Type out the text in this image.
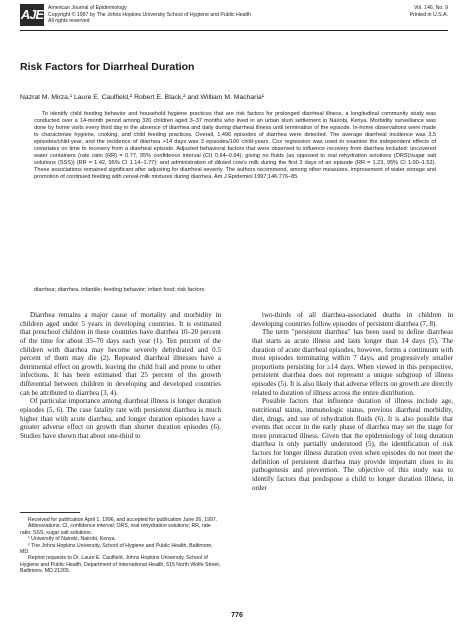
AJE American Journal of Epidemiology
Copyright © 1997 by The Johns Hopkins University School of Hygiene and Public Health
All rights reserved
Vol. 146, No. 9
Printed in U.S.A.
Risk Factors for Diarrheal Duration
Nazrat M. Mirza,¹ Laure E. Caulfield,² Robert E. Black,² and William M. Macharia¹

To identify child feeding behavior and household hygiene practices that are risk factors for prolonged diarrheal illness, a longitudinal community study was conducted over a 14-month period among 320 children aged 3–37 months who lived in an urban slum settlement in Nairobi, Kenya. Morbidity surveillance was done by home visits every third day in the absence of diarrhea and daily during diarrheal illness until termination of the episode. In-home observations were made to characterize hygiene, cooking, and child feeding practices. Overall, 1,496 episodes of diarrhea were detected. The average diarrheal incidence was 3.5 episodes/child-year, and the incidence of diarrhea >14 days was 3 episodes/100 child-years. Cox regression was used to examine the independent effects of covariates on time to recovery from a diarrheal episode. Adjusted behavioral factors that were observed to influence recovery from diarrhea included: uncovered water containers (rate ratio (RR) = 0.77, 95% confidence interval (CI) 0.64–0.94); giving no fluids (as opposed to oral rehydration solutions (ORS)/sugar salt solutions (SSS)) (RR = 1.42, 95% CI 1.14–1.77); and administration of diluted cow's milk during the first 3 days of an episode (RR = 1.23, 95% CI 1.00–1.52). These associations remained significant after adjusting for diarrheal severity. The authors recommend, among other measures, improvement of water storage and promotion of continued feeding with cereal-milk mixtures during diarrhea. Am J Epidemiol 1997;146:776–85.

diarrhea; diarrhea, infantile; feeding behavior; infant food; risk factors

Diarrhea remains a major cause of mortality and morbidity in children aged under 5 years in developing countries. It is estimated that preschool children in these countries have diarrhea 10–20 percent of the time for about 35–70 days each year (1). Ten percent of the children with diarrhea may become severely dehydrated and 0.5 percent of them may die (2). Repeated diarrheal illnesses have a detrimental effect on growth, leaving the child frail and prone to other infections. It has been estimated that 25 percent of the growth differential between children in developing and developed countries can be attributed to diarrhea (3, 4).

Of particular importance among diarrheal illness is longer duration episodes (5, 6). The case fatality rate with persistent diarrhea is much higher than with acute diarrhea, and longer duration episodes have a greater adverse effect on growth than shorter duration episodes (6). Studies have shown that about one-third to

two-thirds of all diarrhea-associated deaths in children in developing countries follow episodes of persistent diarrhea (7, 8).

The term "persistent diarrhea" has been used to define diarrheas that starts as acute illness and lasts longer than 14 days (5). The duration of acute diarrheal episodes, however, forms a continuum with most episodes terminating within 7 days, and progressively smaller proportions persisting for ≥14 days. When viewed in this perspective, persistent diarrhea does not represent a unique subgroup of illness episodes (5). It is also likely that adverse effects on growth are directly related to duration of illness across the entire distribution.

Possible factors that influence duration of illness include age, nutritional status, immunologic status, previous diarrheal morbidity, diet, drugs, and use of rehydration fluids (6). It is also possible that events that occur in the early phase of diarrhea may set the stage for more protracted illness. Given that the epidemiology of long duration diarrhea is only partially understood (5), the identification of risk factors for longer illness duration even when episodes do not meet the definition of persistent diarrhea may provide important clues to its pathogenesis and prevention. The objective of this study was to identify factors that predispose a child to longer duration illness, in order

Received for publication April 1, 1996, and accepted for publication June 26, 1997.

Abbreviations: CI, confidence interval; ORS, oral rehydration solutions; RR, rate ratio; SSS, sugar salt solutions.

¹ University of Nairobi, Nairobi, Kenya.

² The Johns Hopkins University, School of Hygiene and Public Health, Baltimore, MD.

Reprint requests to Dr. Laure E. Caulfield, Johns Hopkins University, School of Hygiene and Public Health, Department of International Health, 615 North Wolfe Street, Baltimore, MD 21205.

776
